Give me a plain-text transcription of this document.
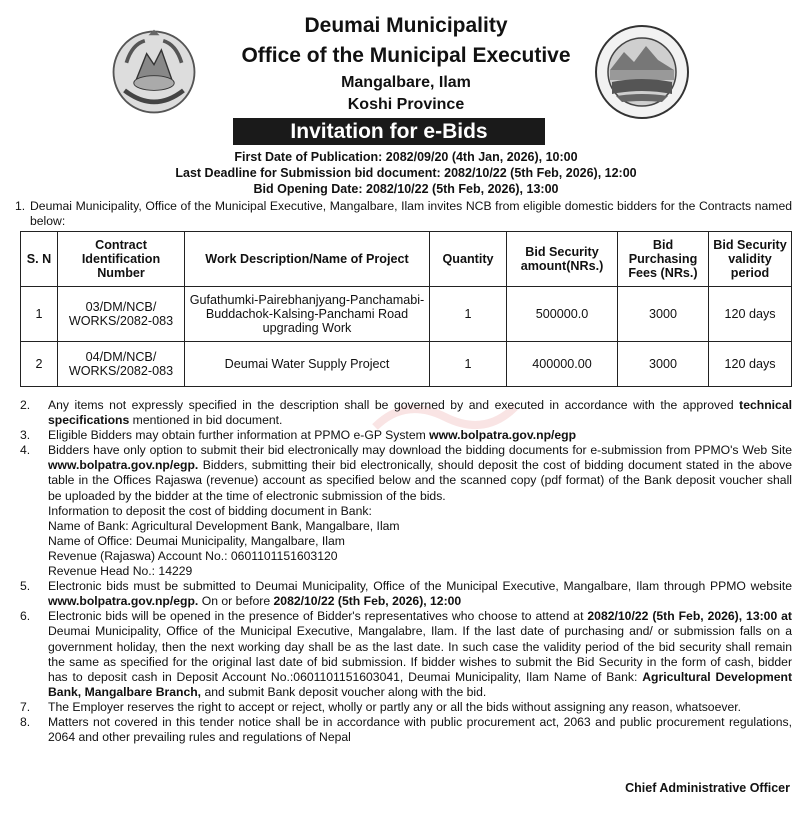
Deumai Municipality
Office of the Municipal Executive
Mangalbare, Ilam
Koshi Province
Invitation for e-Bids
First Date of Publication: 2082/09/20 (4th Jan, 2026), 10:00
Last Deadline for Submission bid document: 2082/10/22 (5th Feb, 2026), 12:00
Bid Opening Date: 2082/10/22 (5th Feb, 2026), 13:00
1. Deumai Municipality, Office of the Municipal Executive, Mangalbare, Ilam invites NCB from eligible domestic bidders for the Contracts named below:
S. N	Contract Identification Number	Work Description/Name of Project	Quantity	Bid Security amount(NRs.)	Bid Purchasing Fees (NRs.)	Bid Security validity period
1	03/DM/NCB/ WORKS/2082-083	Gufathumki-Pairebhanjyang-Panchamabi-Buddachok-Kalsing-Panchami Road upgrading Work	1	500000.0	3000	120 days
2	04/DM/NCB/ WORKS/2082-083	Deumai Water Supply Project	1	400000.00	3000	120 days

2. Any items not expressly specified in the description shall be governed by and executed in accordance with the approved technical specifications mentioned in bid document.

3. Eligible Bidders may obtain further information at PPMO e-GP System www.bolpatra.gov.np/egp

4. Bidders have only option to submit their bid electronically may download the bidding documents for e-submission from PPMO's Web Site www.bolpatra.gov.np/egp. Bidders, submitting their bid electronically, should deposit the cost of bidding document stated in the above table in the Offices Rajaswa (revenue) account as specified below and the scanned copy (pdf format) of the Bank deposit voucher shall be uploaded by the bidder at the time of electronic submission of the bids.
Information to deposit the cost of bidding document in Bank:
Name of Bank: Agricultural Development Bank, Mangalbare, Ilam
Name of Office: Deumai Municipality, Mangalbare, Ilam
Revenue (Rajaswa) Account No.: 0601101151603120
Revenue Head No.: 14229

5. Electronic bids must be submitted to Deumai Municipality, Office of the Municipal Executive, Mangalbare, Ilam through PPMO website www.bolpatra.gov.np/egp. On or before 2082/10/22 (5th Feb, 2026), 12:00

6. Electronic bids will be opened in the presence of Bidder's representatives who choose to attend at 2082/10/22 (5th Feb, 2026), 13:00 at Deumai Municipality, Office of the Municipal Executive, Mangalabre, Ilam. If the last date of purchasing and/ or submission falls on a government holiday, then the next working day shall be as the last date. In such case the validity period of the bid security shall remain the same as specified for the original last date of bid submission. If bidder wishes to submit the Bid Security in the form of cash, bidder has to deposit cash in Deposit Account No.:0601101151603041, Deumai Municipality, Ilam Name of Bank: Agricultural Development Bank, Mangalbare Branch, and submit Bank deposit voucher along with the bid.

7. The Employer reserves the right to accept or reject, wholly or partly any or all the bids without assigning any reason, whatsoever.

8. Matters not covered in this tender notice shall be in accordance with public procurement act, 2063 and public procurement regulations, 2064 and other prevailing rules and regulations of Nepal

Chief Administrative Officer
